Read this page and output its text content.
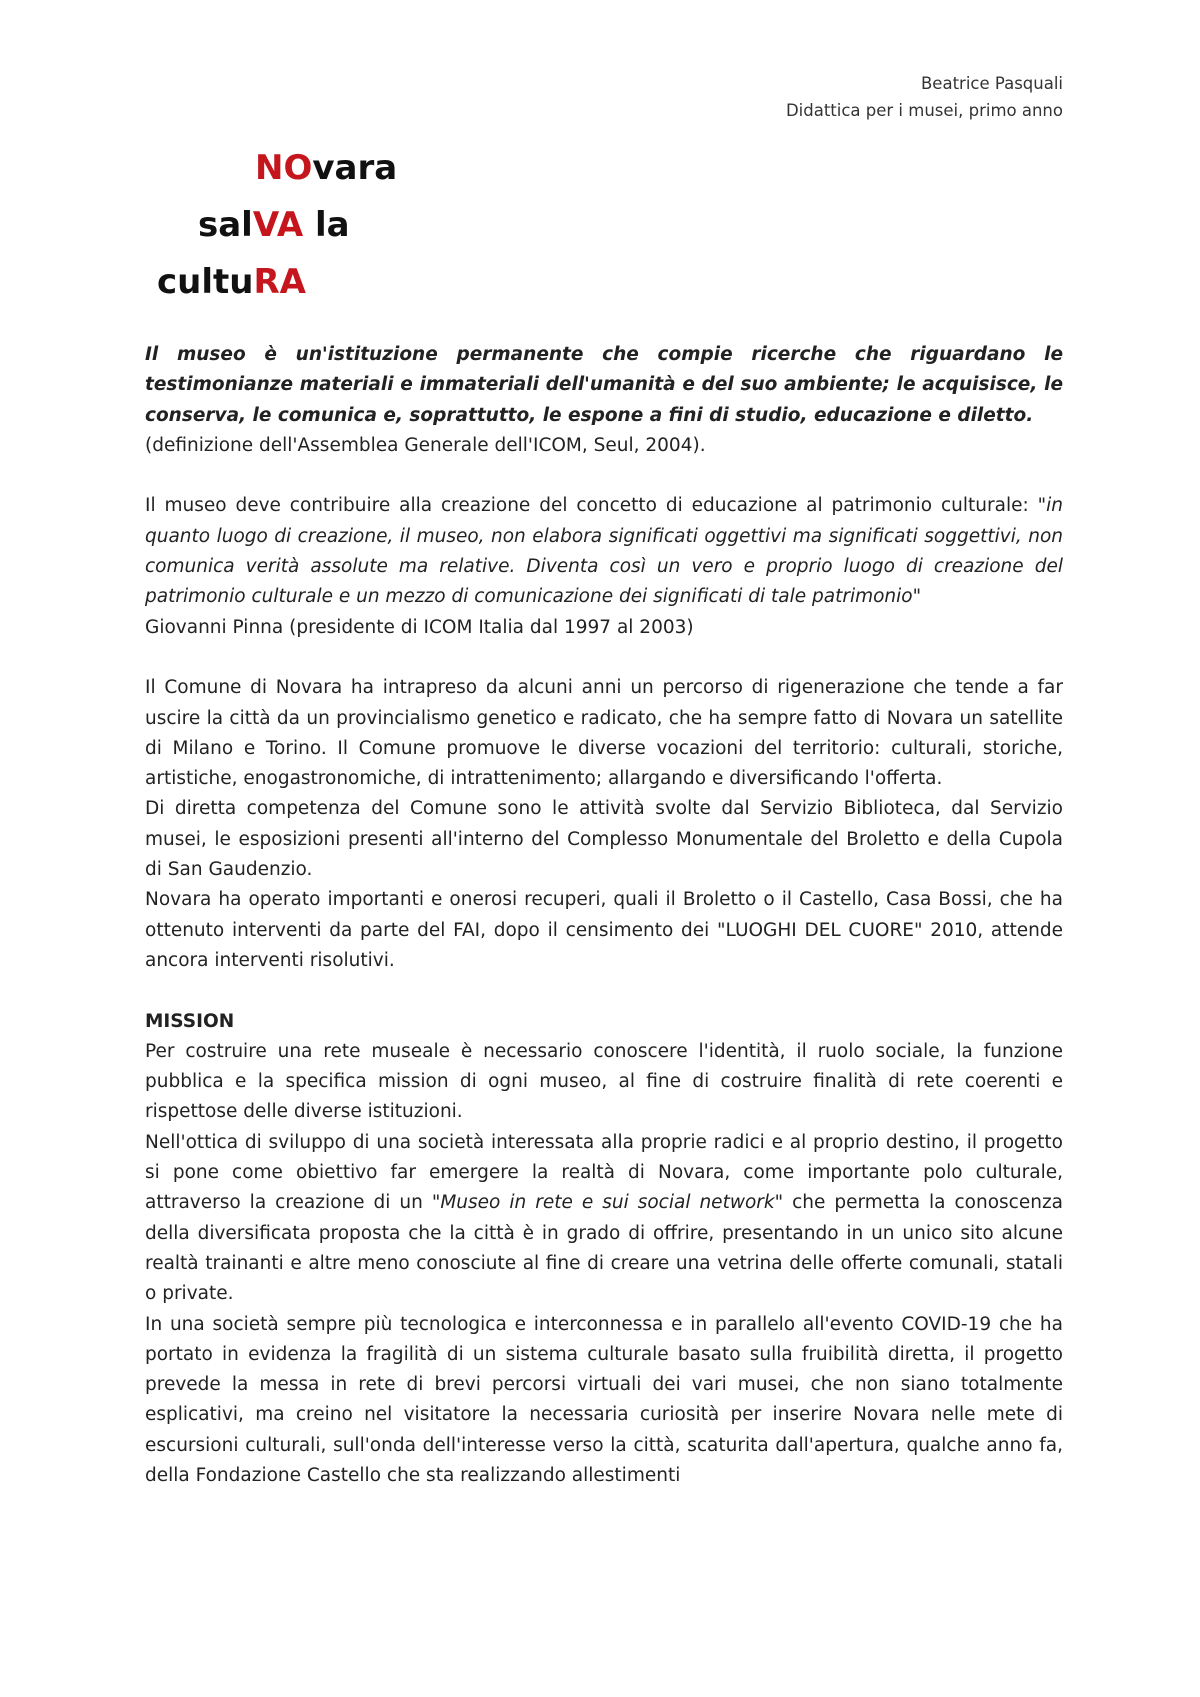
Beatrice Pasquali
Didattica per i musei, primo anno
NOvara
salVA la
cultuRA

Il museo è un'istituzione permanente che compie ricerche che riguardano le testimonianze materiali e immateriali dell'umanità e del suo ambiente; le acquisisce, le conserva, le comunica e, soprattutto, le espone a fini di studio, educazione e diletto.

(definizione dell'Assemblea Generale dell'ICOM, Seul, 2004).

Il museo deve contribuire alla creazione del concetto di educazione al patrimonio culturale: "in quanto luogo di creazione, il museo, non elabora significati oggettivi ma significati soggettivi, non comunica verità assolute ma relative. Diventa così un vero e proprio luogo di creazione del patrimonio culturale e un mezzo di comunicazione dei significati di tale patrimonio"

Giovanni Pinna (presidente di ICOM Italia dal 1997 al 2003)

Il Comune di Novara ha intrapreso da alcuni anni un percorso di rigenerazione che tende a far uscire la città da un provincialismo genetico e radicato, che ha sempre fatto di Novara un satellite di Milano e Torino. Il Comune promuove le diverse vocazioni del territorio: culturali, storiche, artistiche, enogastronomiche, di intrattenimento; allargando e diversificando l'offerta.

Di diretta competenza del Comune sono le attività svolte dal Servizio Biblioteca, dal Servizio musei, le esposizioni presenti all'interno del Complesso Monumentale del Broletto e della Cupola di San Gaudenzio.

Novara ha operato importanti e onerosi recuperi, quali il Broletto o il Castello, Casa Bossi, che ha ottenuto interventi da parte del FAI, dopo il censimento dei "LUOGHI DEL CUORE" 2010, attende ancora interventi risolutivi.

MISSION

Per costruire una rete museale è necessario conoscere l'identità, il ruolo sociale, la funzione pubblica e la specifica mission di ogni museo, al fine di costruire finalità di rete coerenti e rispettose delle diverse istituzioni.

Nell'ottica di sviluppo di una società interessata alla proprie radici e al proprio destino, il progetto si pone come obiettivo far emergere la realtà di Novara, come importante polo culturale, attraverso la creazione di un "Museo in rete e sui social network" che permetta la conoscenza della diversificata proposta che la città è in grado di offrire, presentando in un unico sito alcune realtà trainanti e altre meno conosciute al fine di creare una vetrina delle offerte comunali, statali o private.

In una società sempre più tecnologica e interconnessa e in parallelo all'evento COVID-19 che ha portato in evidenza la fragilità di un sistema culturale basato sulla fruibilità diretta, il progetto prevede la messa in rete di brevi percorsi virtuali dei vari musei, che non siano totalmente esplicativi, ma creino nel visitatore la necessaria curiosità per inserire Novara nelle mete di escursioni culturali, sull'onda dell'interesse verso la città, scaturita dall'apertura, qualche anno fa, della Fondazione Castello che sta realizzando allestimenti
